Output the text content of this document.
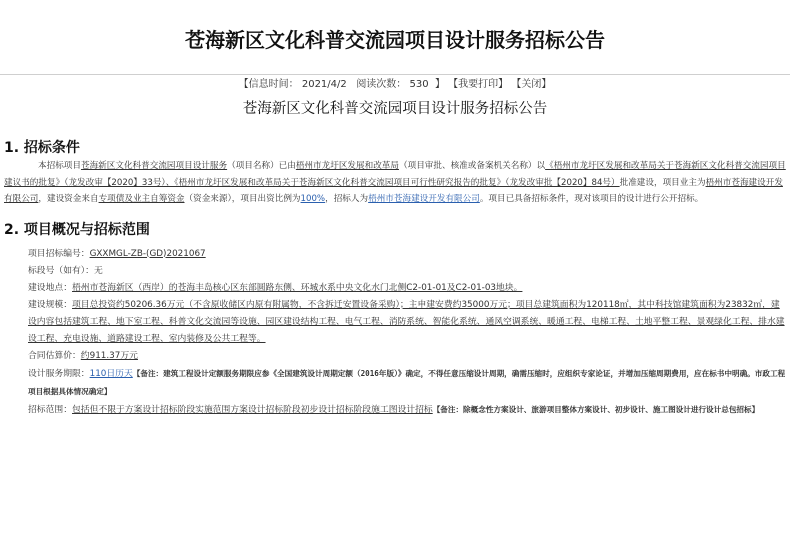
苍海新区文化科普交流园项目设计服务招标公告
【信息时间： 2021/4/2 阅读次数： 530 】 【我要打印】 【关闭】
苍海新区文化科普交流园项目设计服务招标公告
1. 招标条件

本招标项目苍海新区文化科普交流园项目设计服务（项目名称）已由梧州市龙圩区发展和改革局（项目审批、核准或备案机关名称）以《梧州市龙圩区发展和改革局关于苍海新区文化科普交流园项目建议书的批复》（龙发改审【2020】33号）、《梧州市龙圩区发展和改革局关于苍海新区文化科普交流园项目可行性研究报告的批复》（龙发改审批【2020】84号）批准建设，项目业主为梧州市苍海建设开发有限公司，建设资金来自专项债及业主自筹资金（资金来源），项目出资比例为100%，招标人为梧州市苍海建设开发有限公司。项目已具备招标条件，现对该项目的设计进行公开招标。

2. 项目概况与招标范围
项目招标编号：GXXMGL-ZB-(GD)2021067
标段号（如有）：无
建设地点：梧州市苍海新区（西岸）的苍海丰岛核心区东部圆路东侧、环城水系中央文化水门北侧C2-01-01及C2-01-03地块。
建设规模：项目总投资约50206.36万元（不含原收储区内原有附属物，不含拆迁安置设备采购）；主申建安费约35000万元；项目总建筑面积为120118㎡，其中科技馆建筑面积为23832㎡，建设内容包括建筑工程、地下室工程、科普文化交流园等设施、园区建设结构工程、电气工程、消防系统、智能化系统、通风空调系统、暖通工程、电梯工程、土地平整工程、景观绿化工程、排水建设工程、充电设施、道路建设工程、室内装修及公共工程等。
合同估算价：约911.37万元
设计服务期限：110日历天【备注：建筑工程设计定额服务期限应参《全国建筑设计周期定额（2016年版）》确定，不得任意压缩设计周期，确需压缩时，应组织专家论证，并增加压缩周期费用，应在标书中明确。市政工程项目根据具体情况确定】
招标范围：包括但不限于方案设计招标阶段实施范围方案设计招标阶段初步设计招标阶段施工图设计招标【备注：除概念性方案设计、旅游项目整体方案设计、初步设计、施工图设计进行设计总包招标】
